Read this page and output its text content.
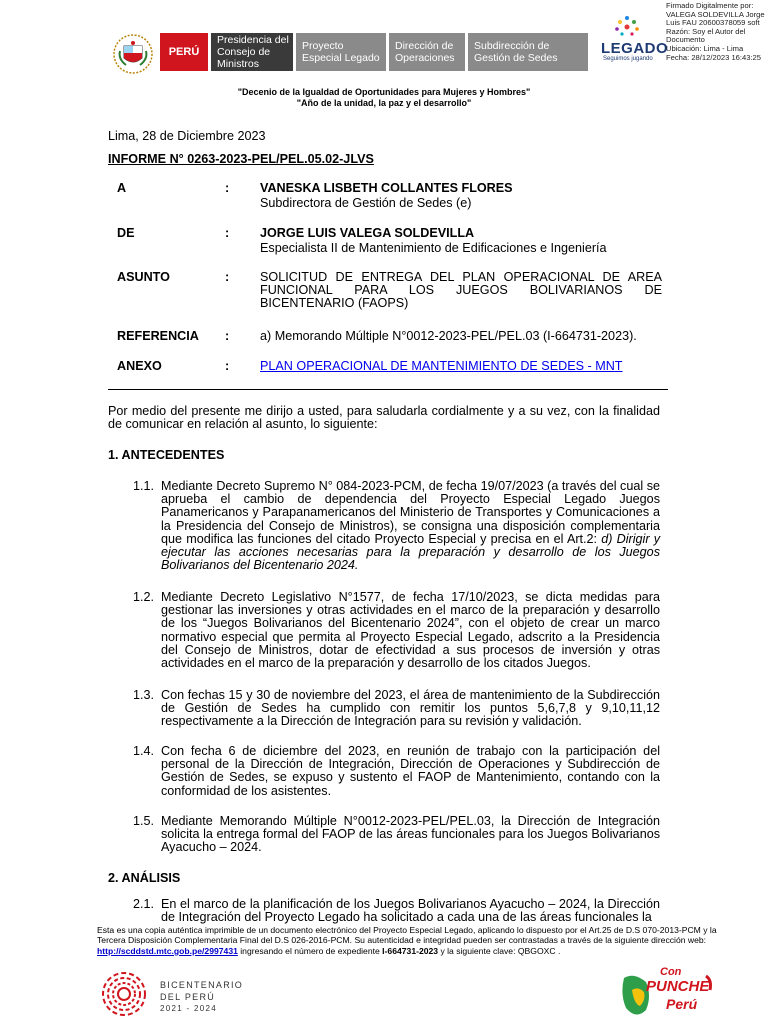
PERÚ
Presidencia del Consejo de Ministros
Proyecto Especial Legado
Dirección de Operaciones
Subdirección de Gestión de Sedes
LEGADO
Seguimos jugando
Firmado Digitalmente por:
VALEGA SOLDEVILLA Jorge
Luis FAU 20600378059 soft
Razón: Soy el Autor del
Documento
Ubicación: Lima - Lima
Fecha: 28/12/2023 16:43:25
"Decenio de la Igualdad de Oportunidades para Mujeres y Hombres"
"Año de la unidad, la paz y el desarrollo"
Lima, 28 de Diciembre 2023
INFORME N° 0263-2023-PEL/PEL.05.02-JLVS
A	: VANESKA LISBETH COLLANTES FLORES
Subdirectora de Gestión de Sedes (e)
DE	: JORGE LUIS VALEGA SOLDEVILLA
Especialista II de Mantenimiento de Edificaciones e Ingeniería
ASUNTO	: SOLICITUD DE ENTREGA DEL PLAN OPERACIONAL DE AREA FUNCIONAL PARA LOS JUEGOS BOLIVARIANOS DE BICENTENARIO (FAOPS)
REFERENCIA : a) Memorando Múltiple N°0012-2023-PEL/PEL.03 (I-664731-2023).
ANEXO	: PLAN OPERACIONAL DE MANTENIMIENTO DE SEDES - MNT
Por medio del presente me dirijo a usted, para saludarla cordialmente y a su vez, con la finalidad de comunicar en relación al asunto, lo siguiente:
1. ANTECEDENTES
1.1. Mediante Decreto Supremo N° 084-2023-PCM, de fecha 19/07/2023 (a través del cual se aprueba el cambio de dependencia del Proyecto Especial Legado Juegos Panamericanos y Parapanamericanos del Ministerio de Transportes y Comunicaciones a la Presidencia del Consejo de Ministros), se consigna una disposición complementaria que modifica las funciones del citado Proyecto Especial y precisa en el Art.2: d) Dirigir y ejecutar las acciones necesarias para la preparación y desarrollo de los Juegos Bolivarianos del Bicentenario 2024.
1.2. Mediante Decreto Legislativo N°1577, de fecha 17/10/2023, se dicta medidas para gestionar las inversiones y otras actividades en el marco de la preparación y desarrollo de los “Juegos Bolivarianos del Bicentenario 2024”, con el objeto de crear un marco normativo especial que permita al Proyecto Especial Legado, adscrito a la Presidencia del Consejo de Ministros, dotar de efectividad a sus procesos de inversión y otras actividades en el marco de la preparación y desarrollo de los citados Juegos.
1.3. Con fechas 15 y 30 de noviembre del 2023, el área de mantenimiento de la Subdirección de Gestión de Sedes ha cumplido con remitir los puntos 5,6,7,8 y 9,10,11,12 respectivamente a la Dirección de Integración para su revisión y validación.
1.4. Con fecha 6 de diciembre del 2023, en reunión de trabajo con la participación del personal de la Dirección de Integración, Dirección de Operaciones y Subdirección de Gestión de Sedes, se expuso y sustento el FAOP de Mantenimiento, contando con la conformidad de los asistentes.
1.5. Mediante Memorando Múltiple N°0012-2023-PEL/PEL.03, la Dirección de Integración solicita la entrega formal del FAOP de las áreas funcionales para los Juegos Bolivarianos Ayacucho – 2024.
2. ANÁLISIS
2.1. En el marco de la planificación de los Juegos Bolivarianos Ayacucho – 2024, la Dirección de Integración del Proyecto Legado ha solicitado a cada una de las áreas funcionales la
Esta es una copia auténtica imprimible de un documento electrónico del Proyecto Especial Legado, aplicando lo dispuesto por el Art.25 de D.S 070-2013-PCM y la Tercera Disposición Complementaria Final del D.S 026-2016-PCM. Su autenticidad e integridad pueden ser contrastadas a través de la siguiente dirección web: http://scddstd.mtc.gob.pe/2997431 ingresando el número de expediente I-664731-2023 y la siguiente clave: QBGOXC .
BICENTENARIO
DEL PERÚ
2021 - 2024
Con
PUNCHE
Perú
